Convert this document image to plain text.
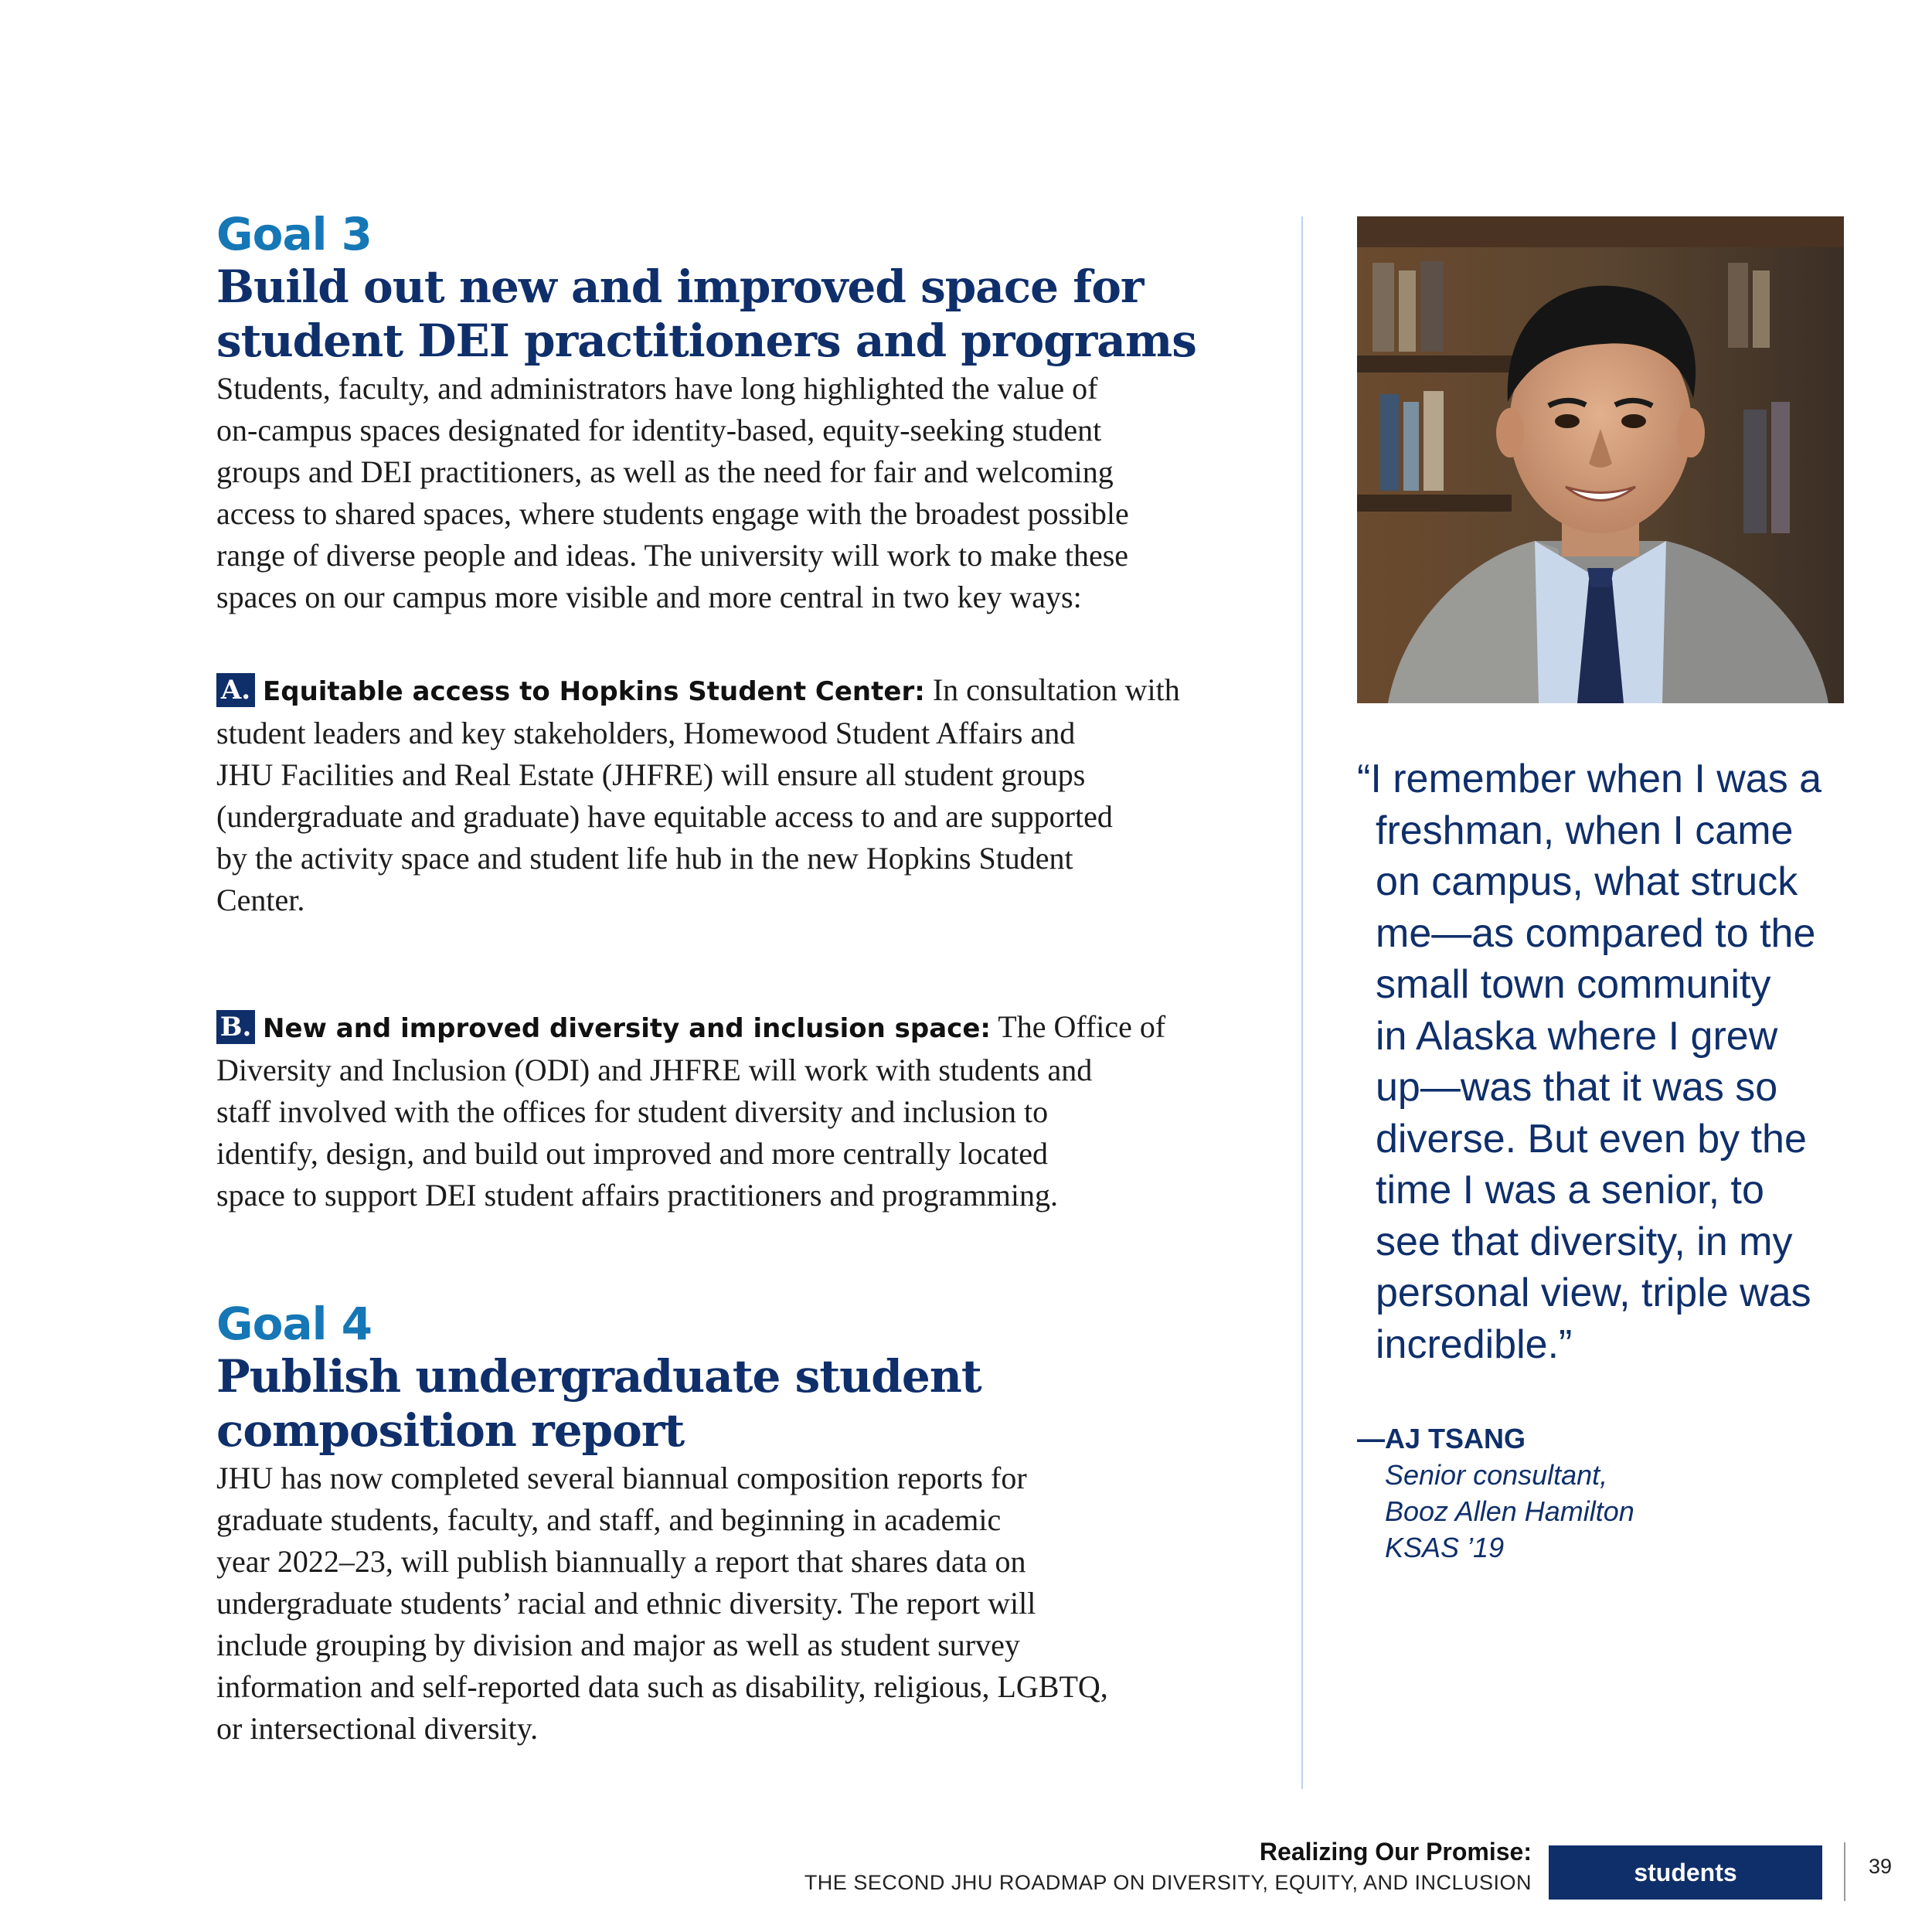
Goal 3
Build out new and improved space for
student DEI practitioners and programs
Students, faculty, and administrators have long highlighted the value of
on-campus spaces designated for identity-based, equity-seeking student
groups and DEI practitioners, as well as the need for fair and welcoming
access to shared spaces, where students engage with the broadest possible
range of diverse people and ideas. The university will work to make these
spaces on our campus more visible and more central in two key ways:
A. Equitable access to Hopkins Student Center: In consultation with
student leaders and key stakeholders, Homewood Student Affairs and
JHU Facilities and Real Estate (JHFRE) will ensure all student groups
(undergraduate and graduate) have equitable access to and are supported
by the activity space and student life hub in the new Hopkins Student
Center.
B. New and improved diversity and inclusion space: The Office of
Diversity and Inclusion (ODI) and JHFRE will work with students and
staff involved with the offices for student diversity and inclusion to
identify, design, and build out improved and more centrally located
space to support DEI student affairs practitioners and programming.
Goal 4
Publish undergraduate student
composition report
JHU has now completed several biannual composition reports for
graduate students, faculty, and staff, and beginning in academic
year 2022–23, will publish biannually a report that shares data on
undergraduate students’ racial and ethnic diversity. The report will
include grouping by division and major as well as student survey
information and self-reported data such as disability, religious, LGBTQ,
or intersectional diversity.
“I remember when I was a
freshman, when I came
on campus, what struck
me—as compared to the
small town community
in Alaska where I grew
up—was that it was so
diverse. But even by the
time I was a senior, to
see that diversity, in my
personal view, triple was
incredible.”
—AJ TSANG
Senior consultant,
Booz Allen Hamilton
KSAS ’19
Realizing Our Promise:
THE SECOND JHU ROADMAP ON DIVERSITY, EQUITY, AND INCLUSION	students	39
